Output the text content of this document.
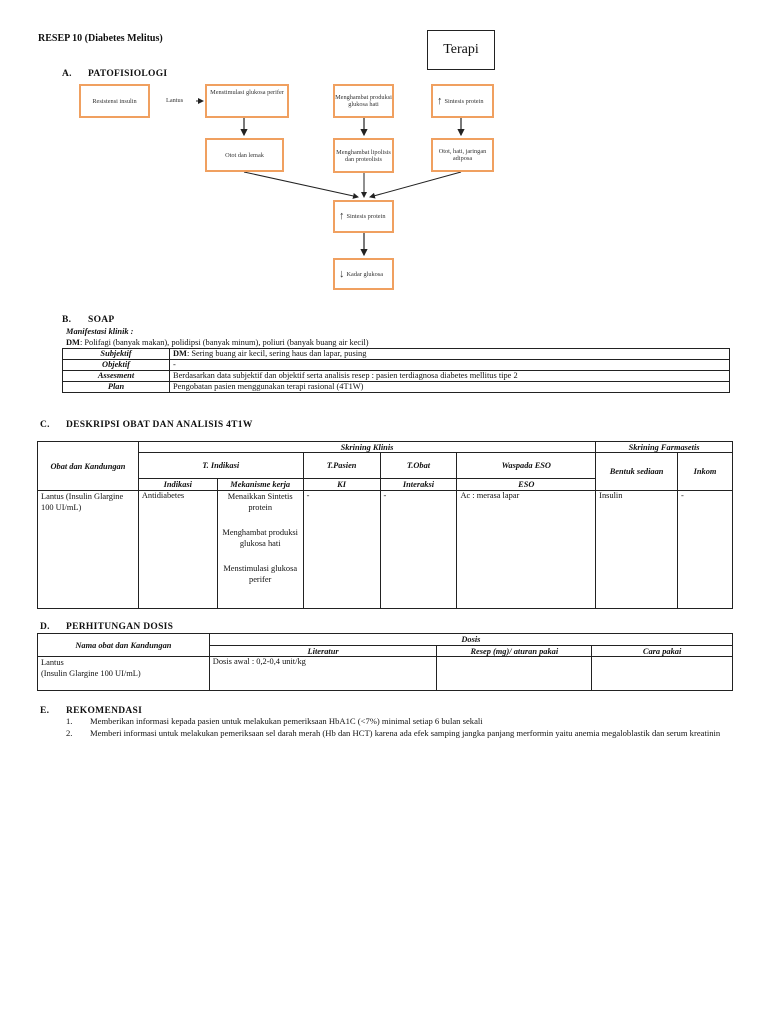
RESEP 10 (Diabetes Melitus)
Terapi
A. PATOFISIOLOGI
Resistensi insulin	Lantus
Menstimulasi glukosa perifer
Menghambat produksi glukosa hati	↑ Sintesis protein
Otot dan lemak	Menghambat lipolisis dan proteolisis
Otot, hati, jaringan adiposa
↑ Sintesis protein
↓ Kadar glukosa
B. SOAP
Manifestasi klinik :
DM: Polifagi (banyak makan), polidipsi (banyak minum), poliuri (banyak buang air kecil)
Subjektif	DM: Sering buang air kecil, sering haus dan lapar, pusing
Objektif	-
Assesment	Berdasarkan data subjektif dan objektif serta analisis resep : pasien terdiagnosa diabetes mellitus tipe 2
Plan	Pengobatan pasien menggunakan terapi rasional (4T1W)
C. DESKRIPSI OBAT DAN ANALISIS 4T1W
Obat dan Kandungan	Skrining Klinis					Skrining Farmasetis	
	T. Indikasi		T.Pasien	T.Obat	Waspada ESO	Bentuk sediaan	Inkom
	Indikasi	Mekanisme kerja	KI	Interaksi	ESO		
Lantus (Insulin Glargine 100 UI/mL)	Antidiabetes	Menaikkan Sintetis protein
Menghambat produksi glukosa hati
Menstimulasi glukosa perifer	-	-	Ac : merasa lapar	Insulin	-
D. PERHITUNGAN DOSIS
Nama obat dan Kandungan	Dosis		
	Literatur	Resep (mg)/ aturan pakai	Cara pakai

Lantus
(Insulin Glargine 100 UI/mL)	Dosis awal : 0,2-0,4 unit/kg		
E. REKOMENDASI
1. Memberikan informasi kepada pasien untuk melakukan pemeriksaan HbA1C (<7%) minimal setiap 6 bulan sekali
2. Memberi informasi untuk melakukan pemeriksaan sel darah merah (Hb dan HCT) karena ada efek samping jangka panjang merformin yaitu anemia megaloblastik dan serum kreatinin
